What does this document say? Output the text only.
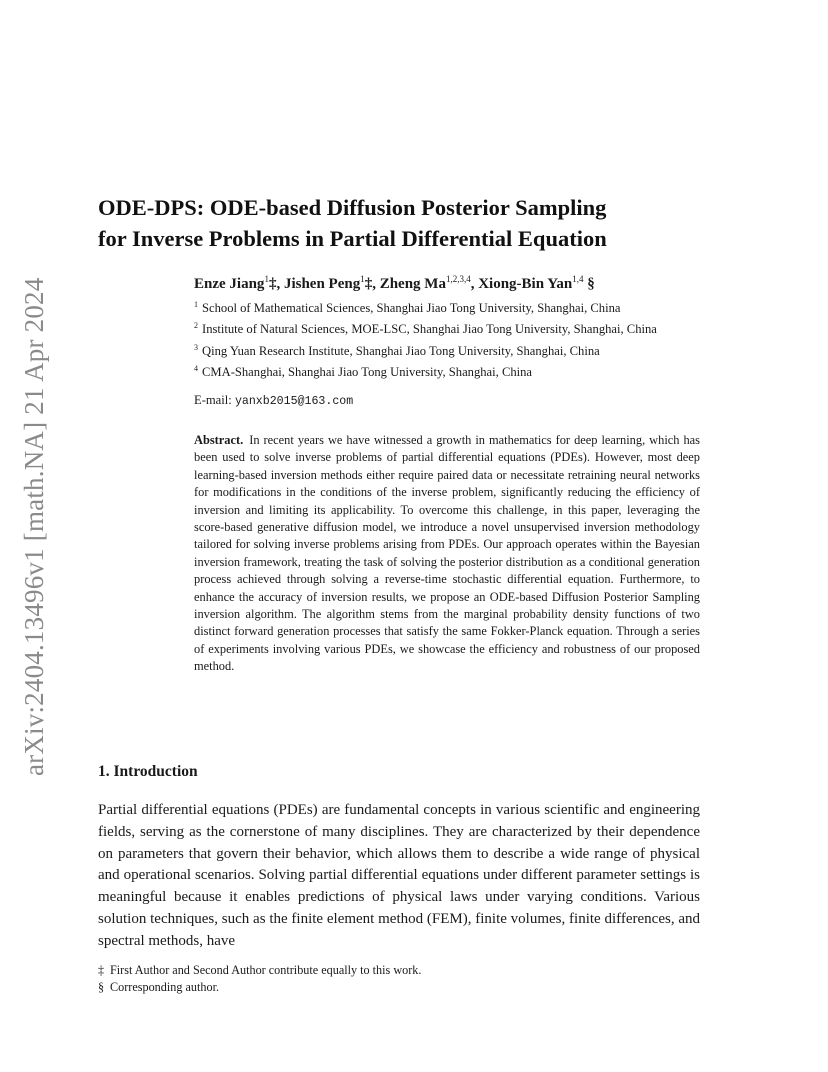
arXiv:2404.13496v1 [math.NA] 21 Apr 2024
ODE-DPS: ODE-based Diffusion Posterior Sampling
for Inverse Problems in Partial Differential Equation
Enze Jiang$^1$‡, Jishen Peng$^1$‡, Zheng Ma$^{1,2,3,4}$, Xiong-Bin Yan$^{1,4}$ §
$^1$ School of Mathematical Sciences, Shanghai Jiao Tong University, Shanghai, China
$^2$ Institute of Natural Sciences, MOE-LSC, Shanghai Jiao Tong University, Shanghai, China
$^3$ Qing Yuan Research Institute, Shanghai Jiao Tong University, Shanghai, China
$^4$ CMA-Shanghai, Shanghai Jiao Tong University, Shanghai, China
E-mail: yanxb2015@163.com
Abstract. In recent years we have witnessed a growth in mathematics for deep learning, which has been used to solve inverse problems of partial differential equations (PDEs). However, most deep learning-based inversion methods either require paired data or necessitate retraining neural networks for modifications in the conditions of the inverse problem, significantly reducing the efficiency of inversion and limiting its applicability. To overcome this challenge, in this paper, leveraging the score-based generative diffusion model, we introduce a novel unsupervised inversion methodology tailored for solving inverse problems arising from PDEs. Our approach operates within the Bayesian inversion framework, treating the task of solving the posterior distribution as a conditional generation process achieved through solving a reverse-time stochastic differential equation. Furthermore, to enhance the accuracy of inversion results, we propose an ODE-based Diffusion Posterior Sampling inversion algorithm. The algorithm stems from the marginal probability density functions of two distinct forward generation processes that satisfy the same Fokker-Planck equation. Through a series of experiments involving various PDEs, we showcase the efficiency and robustness of our proposed method.
1. Introduction
Partial differential equations (PDEs) are fundamental concepts in various scientific and engineering fields, serving as the cornerstone of many disciplines. They are characterized by their dependence on parameters that govern their behavior, which allows them to describe a wide range of physical and operational scenarios. Solving partial differential equations under different parameter settings is meaningful because it enables predictions of physical laws under varying conditions. Various solution techniques, such as the finite element method (FEM), finite volumes, finite differences, and spectral methods, have
‡ First Author and Second Author contribute equally to this work.
§ Corresponding author.
